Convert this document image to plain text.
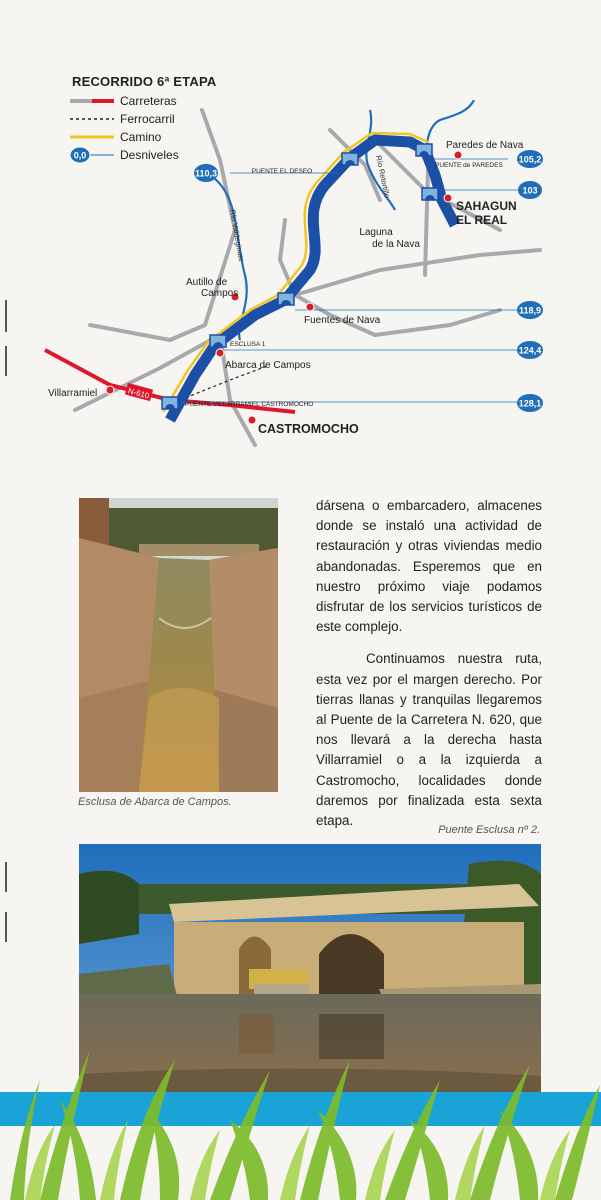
RECORRIDO 6ª ETAPA
Carreteras
Ferrocarril
Camino
0,0	Desniveles
N-610
Río Valdeginate
Río Retortillo
PUENTE EL DESEO
PUENTE de PAREDES
ESCLUSA 1
PUENTE VILLARRAMIEL CASTROMOCHO
110,3
105,2
103
118,9
124,4
128,1
Paredes de Nava
SAHAGUN
EL REAL
Laguna
de la Nava
Autillo de
Campos
Fuentes de Nava
Abarca de Campos
Villarramiel
CASTROMOCHO
Esclusa de Abarca de Campos.

dársena o embarcadero, almacenes donde se instaló una actividad de restauración y otras viviendas medio abandonadas. Esperemos que en nuestro próximo viaje podamos disfrutar de los servicios turísticos de este complejo.

Continuamos nuestra ruta, esta vez por el margen derecho. Por tierras llanas y tranquilas llegaremos al Puente de la Carretera N. 620, que nos llevará a la derecha hasta Villarramiel o a la izquierda a Castromocho, localidades donde daremos por finalizada esta sexta etapa.

Puente Esclusa nº 2.
